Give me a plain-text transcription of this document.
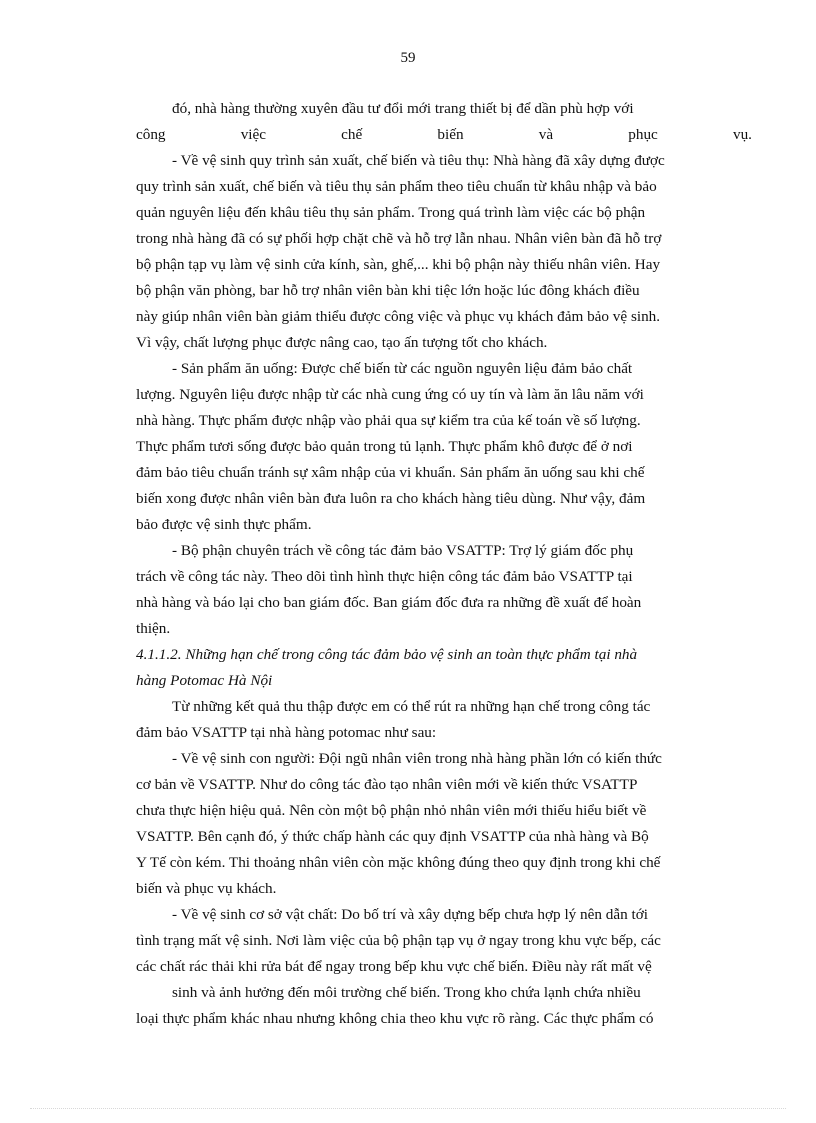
59
đó, nhà hàng thường xuyên đầu tư đổi mới trang thiết bị để dần phù hợp với
công	việc	chế	biến	và	phục	vụ.
- Về vệ sinh quy trình sản xuất, chế biến và tiêu thụ: Nhà hàng đã xây dựng được
quy trình sản xuất, chế biến và tiêu thụ sản phẩm theo tiêu chuẩn từ khâu nhập và bảo
quản nguyên liệu đến khâu tiêu thụ sản phẩm. Trong quá trình làm việc các bộ phận
trong nhà hàng đã có sự phối hợp chặt chẽ và hỗ trợ lẫn nhau. Nhân viên bàn đã hỗ trợ
bộ phận tạp vụ làm vệ sinh cửa kính, sàn, ghế,... khi bộ phận này thiếu nhân viên. Hay
bộ phận văn phòng, bar hỗ trợ nhân viên bàn khi tiệc lớn hoặc lúc đông khách điều
này giúp nhân viên bàn giảm thiểu được công việc và phục vụ khách đảm bảo vệ sinh.
Vì vậy, chất lượng phục được nâng cao, tạo ấn tượng tốt cho khách.
- Sản phẩm ăn uống: Được chế biến từ các nguồn nguyên liệu đảm bảo chất
lượng. Nguyên liệu được nhập từ các nhà cung ứng có uy tín và làm ăn lâu năm với
nhà hàng. Thực phẩm được nhập vào phải qua sự kiểm tra của kế toán về số lượng.
Thực phẩm tươi sống được bảo quản trong tủ lạnh. Thực phẩm khô được để ở nơi
đảm bảo tiêu chuẩn tránh sự xâm nhập của vi khuẩn. Sản phẩm ăn uống sau khi chế
biến xong được nhân viên bàn đưa luôn ra cho khách hàng tiêu dùng. Như vậy, đảm
bảo được vệ sinh thực phẩm.
- Bộ phận chuyên trách về công tác đảm bảo VSATTP: Trợ lý giám đốc phụ
trách về công tác này. Theo dõi tình hình thực hiện công tác đảm bảo VSATTP tại
nhà hàng và báo lại cho ban giám đốc. Ban giám đốc đưa ra những đề xuất để hoàn
thiện.
4.1.1.2. Những hạn chế trong công tác đảm bảo vệ sinh an toàn thực phẩm tại nhà
hàng Potomac Hà Nội
Từ những kết quả thu thập được em có thể rút ra những hạn chế trong công tác
đảm bảo VSATTP tại nhà hàng potomac như sau:
- Về vệ sinh con người: Đội ngũ nhân viên trong nhà hàng phần lớn có kiến thức
cơ bản về VSATTP. Như do công tác đào tạo nhân viên mới về kiến thức VSATTP
chưa thực hiện hiệu quả. Nên còn một bộ phận nhỏ nhân viên mới thiếu hiểu biết về
VSATTP. Bên cạnh đó, ý thức chấp hành các quy định VSATTP của nhà hàng và Bộ
Y Tế còn kém. Thi thoảng nhân viên còn mặc không đúng theo quy định trong khi chế
biến và phục vụ khách.
- Về vệ sinh cơ sở vật chất: Do bố trí và xây dựng bếp chưa hợp lý nên dẫn tới
tình trạng mất vệ sinh. Nơi làm việc của bộ phận tạp vụ ở ngay trong khu vực bếp, các
các chất rác thải khi rửa bát để ngay trong bếp khu vực chế biến. Điều này rất mất vệ
sinh và ảnh hưởng đến môi trường chế biến. Trong kho chứa lạnh chứa nhiều
loại thực phẩm khác nhau nhưng không chia theo khu vực rõ ràng. Các thực phẩm có
